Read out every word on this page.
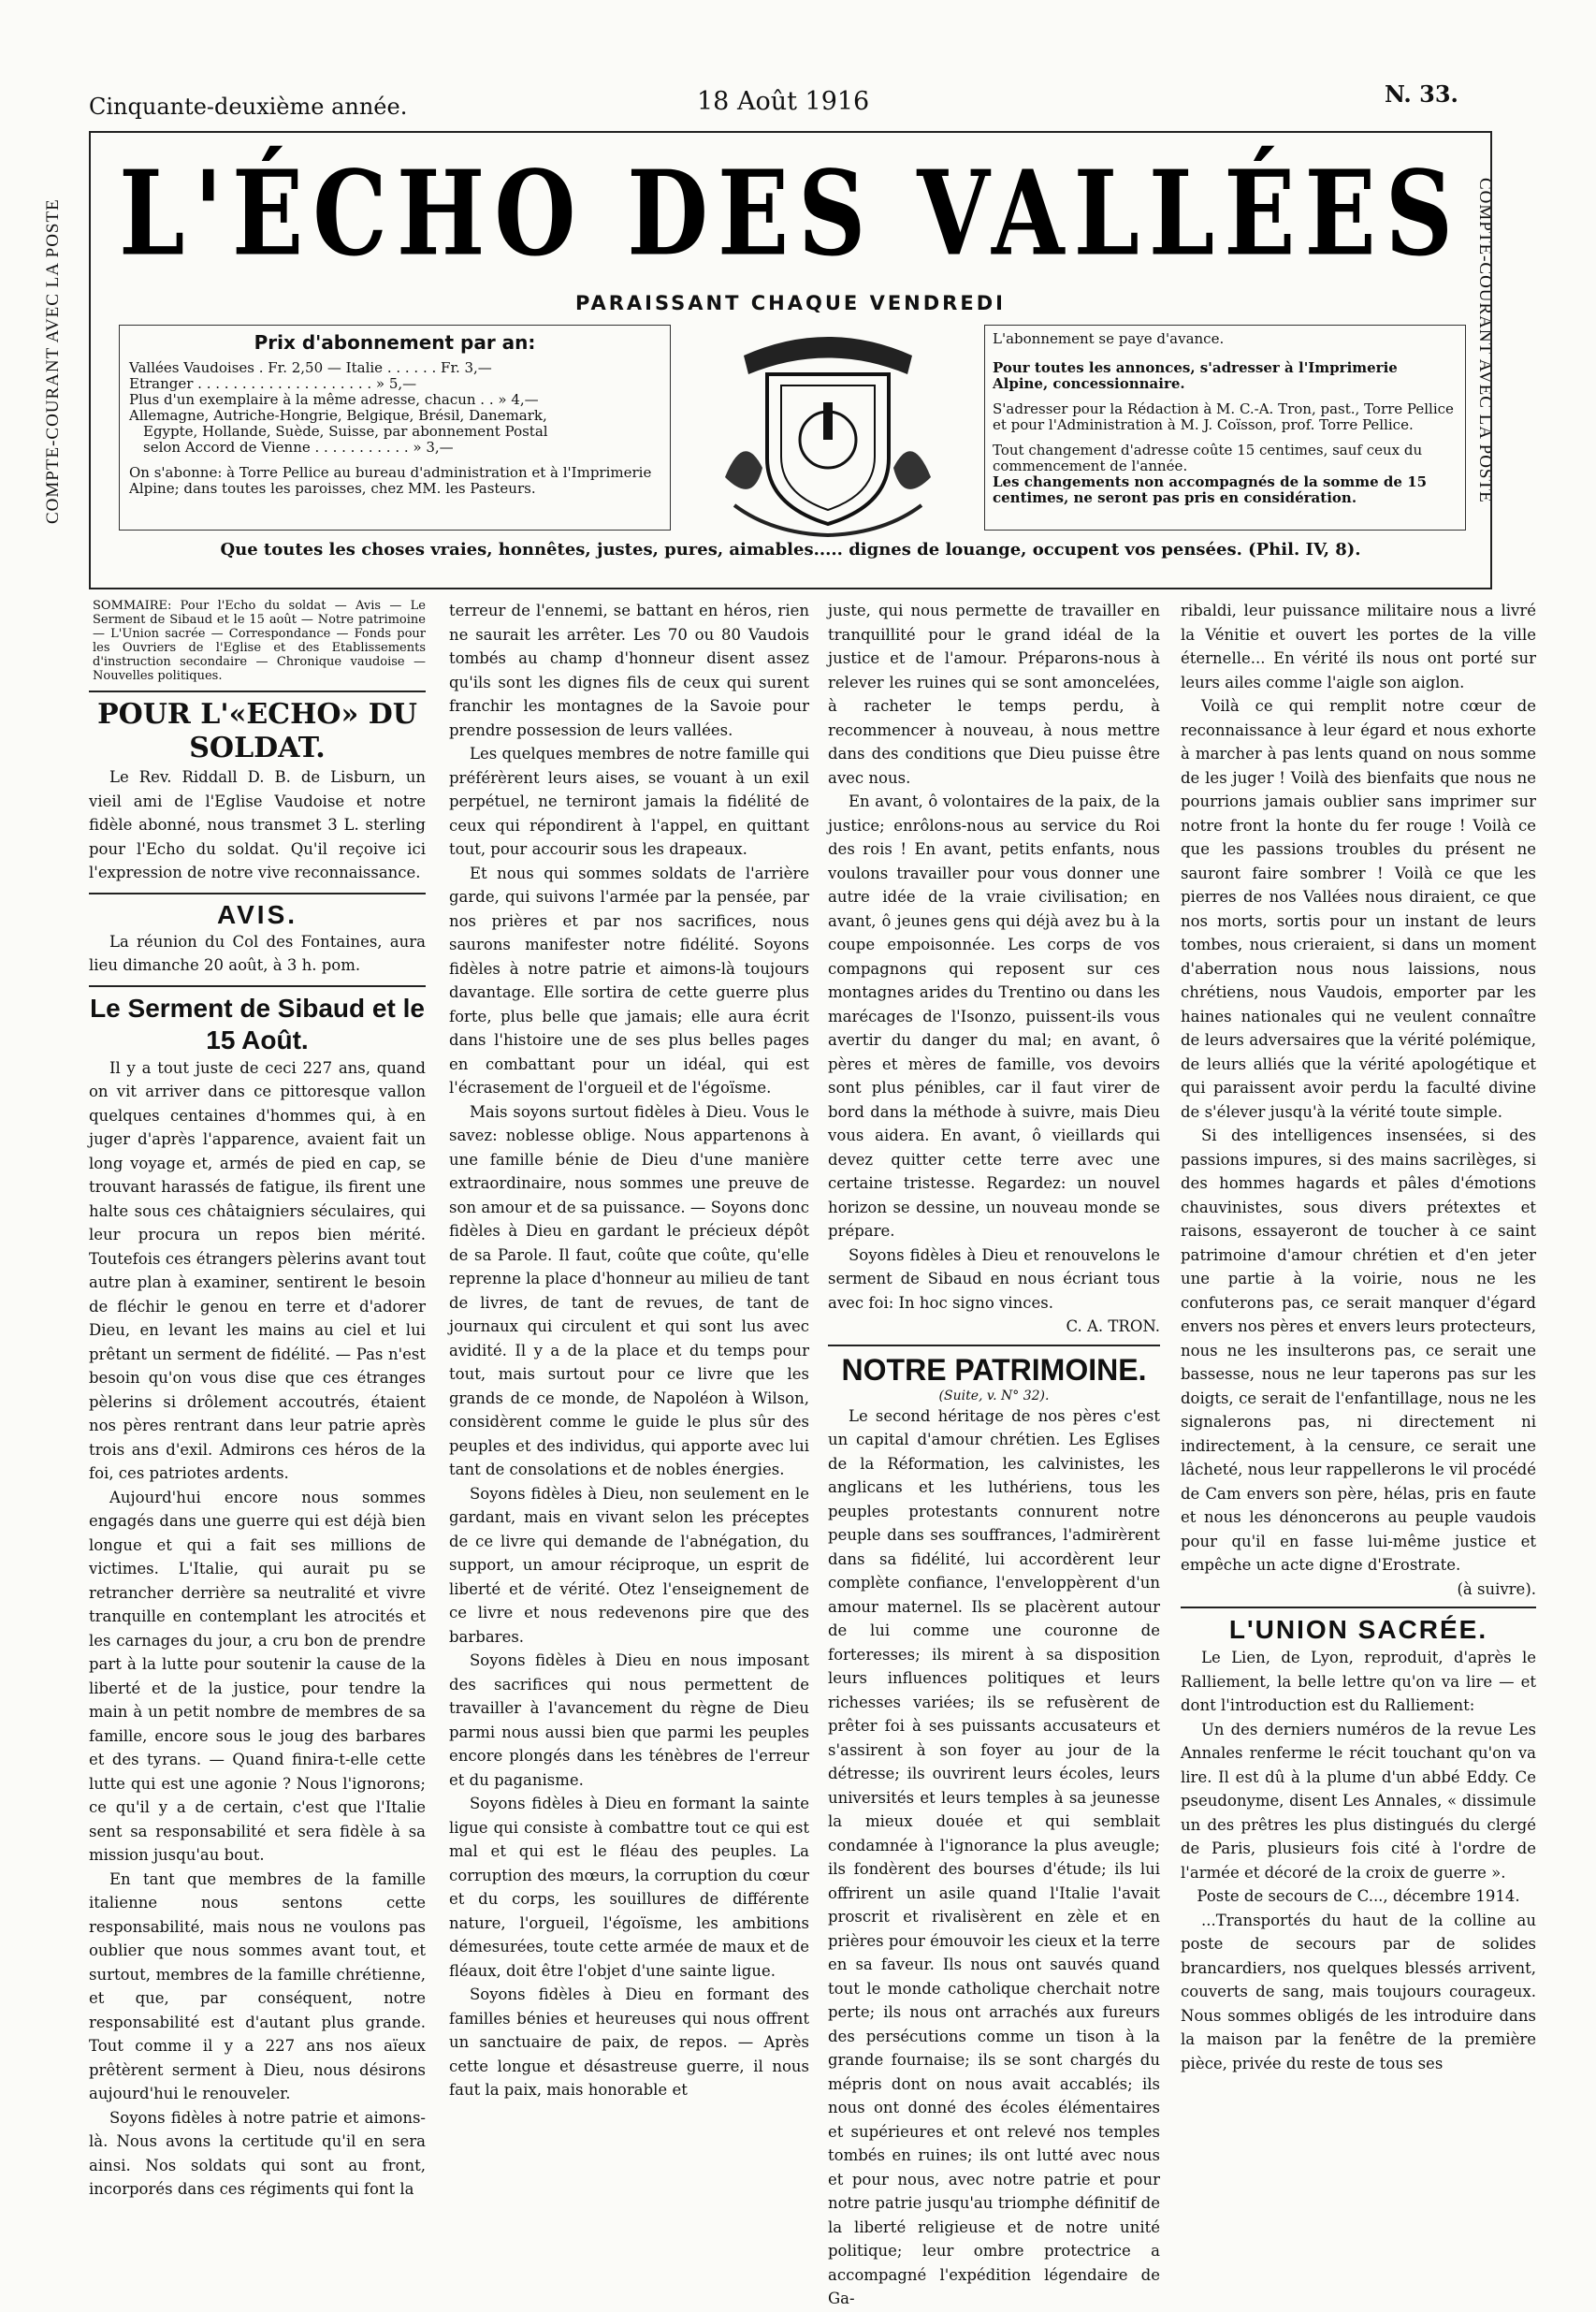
Cinquante-deuxième année.	18 Août 1916	N. 33.
COMPTE-COURANT AVEC LA POSTE	COMPTE-COURANT AVEC LA POSTE
L'ÉCHO DES VALLÉES
PARAISSANT CHAQUE VENDREDI

Prix d'abonnement par an:

Vallées Vaudoises . Fr. 2,50 — Italie . . . . . . Fr. 3,—

Etranger . . . . . . . . . . . . . . . . . . . . » 5,—

Plus d'un exemplaire à la même adresse, chacun . . » 4,—

Allemagne, Autriche-Hongrie, Belgique, Brésil, Danemark,

Egypte, Hollande, Suède, Suisse, par abonnement Postal

selon Accord de Vienne . . . . . . . . . . . » 3,—

On s'abonne: à Torre Pellice au bureau d'administration et à l'Imprimerie Alpine; dans toutes les paroisses, chez MM. les Pasteurs.

L'abonnement se paye d'avance.

Pour toutes les annonces, s'adresser à l'Imprimerie Alpine, concessionnaire.

S'adresser pour la Rédaction à M. C.-A. Tron, past., Torre Pellice et pour l'Administration à M. J. Coïsson, prof. Torre Pellice.

Tout changement d'adresse coûte 15 centimes, sauf ceux du commencement de l'année.

Les changements non accompagnés de la somme de 15 centimes, ne seront pas pris en considération.

Que toutes les choses vraies, honnêtes, justes, pures, aimables..... dignes de louange, occupent vos pensées. (Phil. IV, 8).

SOMMAIRE: Pour l'Echo du soldat — Avis — Le Serment de Sibaud et le 15 août — Notre patrimoine — L'Union sacrée — Correspondance — Fonds pour les Ouvriers de l'Eglise et des Etablissements d'instruction secondaire — Chronique vaudoise — Nouvelles politiques.

POUR L'«ECHO» DU SOLDAT.

Le Rev. Riddall D. B. de Lisburn, un vieil ami de l'Eglise Vaudoise et notre fidèle abonné, nous transmet 3 L. sterling pour l'Echo du soldat. Qu'il reçoive ici l'expression de notre vive reconnaissance.

AVIS.

La réunion du Col des Fontaines, aura lieu dimanche 20 août, à 3 h. pom.

Le Serment de Sibaud et le 15 Août.

Il y a tout juste de ceci 227 ans, quand on vit arriver dans ce pittoresque vallon quelques centaines d'hommes qui, à en juger d'après l'apparence, avaient fait un long voyage et, armés de pied en cap, se trouvant harassés de fatigue, ils firent une halte sous ces châtaigniers séculaires, qui leur procura un repos bien mérité. Toutefois ces étrangers pèlerins avant tout autre plan à examiner, sentirent le besoin de fléchir le genou en terre et d'adorer Dieu, en levant les mains au ciel et lui prêtant un serment de fidélité. — Pas n'est besoin qu'on vous dise que ces étranges pèlerins si drôlement accoutrés, étaient nos pères rentrant dans leur patrie après trois ans d'exil. Admirons ces héros de la foi, ces patriotes ardents.

Aujourd'hui encore nous sommes engagés dans une guerre qui est déjà bien longue et qui a fait ses millions de victimes. L'Italie, qui aurait pu se retrancher derrière sa neutralité et vivre tranquille en contemplant les atrocités et les carnages du jour, a cru bon de prendre part à la lutte pour soutenir la cause de la liberté et de la justice, pour tendre la main à un petit nombre de membres de sa famille, encore sous le joug des barbares et des tyrans. — Quand finira-t-elle cette lutte qui est une agonie ? Nous l'ignorons; ce qu'il y a de certain, c'est que l'Italie sent sa responsabilité et sera fidèle à sa mission jusqu'au bout.

En tant que membres de la famille italienne nous sentons cette responsabilité, mais nous ne voulons pas oublier que nous sommes avant tout, et surtout, membres de la famille chrétienne, et que, par conséquent, notre responsabilité est d'autant plus grande. Tout comme il y a 227 ans nos aïeux prêtèrent serment à Dieu, nous désirons aujourd'hui le renouveler.

Soyons fidèles à notre patrie et aimons-là. Nous avons la certitude qu'il en sera ainsi. Nos soldats qui sont au front, incorporés dans ces régiments qui font la

terreur de l'ennemi, se battant en héros, rien ne saurait les arrêter. Les 70 ou 80 Vaudois tombés au champ d'honneur disent assez qu'ils sont les dignes fils de ceux qui surent franchir les montagnes de la Savoie pour prendre possession de leurs vallées.

Les quelques membres de notre famille qui préférèrent leurs aises, se vouant à un exil perpétuel, ne terniront jamais la fidélité de ceux qui répondirent à l'appel, en quittant tout, pour accourir sous les drapeaux.

Et nous qui sommes soldats de l'arrière garde, qui suivons l'armée par la pensée, par nos prières et par nos sacrifices, nous saurons manifester notre fidélité. Soyons fidèles à notre patrie et aimons-là toujours davantage. Elle sortira de cette guerre plus forte, plus belle que jamais; elle aura écrit dans l'histoire une de ses plus belles pages en combattant pour un idéal, qui est l'écrasement de l'orgueil et de l'égoïsme.

Mais soyons surtout fidèles à Dieu. Vous le savez: noblesse oblige. Nous appartenons à une famille bénie de Dieu d'une manière extraordinaire, nous sommes une preuve de son amour et de sa puissance. — Soyons donc fidèles à Dieu en gardant le précieux dépôt de sa Parole. Il faut, coûte que coûte, qu'elle reprenne la place d'honneur au milieu de tant de livres, de tant de revues, de tant de journaux qui circulent et qui sont lus avec avidité. Il y a de la place et du temps pour tout, mais surtout pour ce livre que les grands de ce monde, de Napoléon à Wilson, considèrent comme le guide le plus sûr des peuples et des individus, qui apporte avec lui tant de consolations et de nobles énergies.

Soyons fidèles à Dieu, non seulement en le gardant, mais en vivant selon les préceptes de ce livre qui demande de l'abnégation, du support, un amour réciproque, un esprit de liberté et de vérité. Otez l'enseignement de ce livre et nous redevenons pire que des barbares.

Soyons fidèles à Dieu en nous imposant des sacrifices qui nous permettent de travailler à l'avancement du règne de Dieu parmi nous aussi bien que parmi les peuples encore plongés dans les ténèbres de l'erreur et du paganisme.

Soyons fidèles à Dieu en formant la sainte ligue qui consiste à combattre tout ce qui est mal et qui est le fléau des peuples. La corruption des mœurs, la corruption du cœur et du corps, les souillures de différente nature, l'orgueil, l'égoïsme, les ambitions démesurées, toute cette armée de maux et de fléaux, doit être l'objet d'une sainte ligue.

Soyons fidèles à Dieu en formant des familles bénies et heureuses qui nous offrent un sanctuaire de paix, de repos. — Après cette longue et désastreuse guerre, il nous faut la paix, mais honorable et

juste, qui nous permette de travailler en tranquillité pour le grand idéal de la justice et de l'amour. Préparons-nous à relever les ruines qui se sont amoncelées, à racheter le temps perdu, à recommencer à nouveau, à nous mettre dans des conditions que Dieu puisse être avec nous.

En avant, ô volontaires de la paix, de la justice; enrôlons-nous au service du Roi des rois ! En avant, petits enfants, nous voulons travailler pour vous donner une autre idée de la vraie civilisation; en avant, ô jeunes gens qui déjà avez bu à la coupe empoisonnée. Les corps de vos compagnons qui reposent sur ces montagnes arides du Trentino ou dans les marécages de l'Isonzo, puissent-ils vous avertir du danger du mal; en avant, ô pères et mères de famille, vos devoirs sont plus pénibles, car il faut virer de bord dans la méthode à suivre, mais Dieu vous aidera. En avant, ô vieillards qui devez quitter cette terre avec une certaine tristesse. Regardez: un nouvel horizon se dessine, un nouveau monde se prépare.

Soyons fidèles à Dieu et renouvelons le serment de Sibaud en nous écriant tous avec foi: In hoc signo vinces.

C. A. TRON.

NOTRE PATRIMOINE.

(Suite, v. N° 32).

Le second héritage de nos pères c'est un capital d'amour chrétien. Les Eglises de la Réformation, les calvinistes, les anglicans et les luthériens, tous les peuples protestants connurent notre peuple dans ses souffrances, l'admirèrent dans sa fidélité, lui accordèrent leur complète confiance, l'enveloppèrent d'un amour maternel. Ils se placèrent autour de lui comme une couronne de forteresses; ils mirent à sa disposition leurs influences politiques et leurs richesses variées; ils se refusèrent de prêter foi à ses puissants accusateurs et s'assirent à son foyer au jour de la détresse; ils ouvrirent leurs écoles, leurs universités et leurs temples à sa jeunesse la mieux douée et qui semblait condamnée à l'ignorance la plus aveugle; ils fondèrent des bourses d'étude; ils lui offrirent un asile quand l'Italie l'avait proscrit et rivalisèrent en zèle et en prières pour émouvoir les cieux et la terre en sa faveur. Ils nous ont sauvés quand tout le monde catholique cherchait notre perte; ils nous ont arrachés aux fureurs des persécutions comme un tison à la grande fournaise; ils se sont chargés du mépris dont on nous avait accablés; ils nous ont donné des écoles élémentaires et supérieures et ont relevé nos temples tombés en ruines; ils ont lutté avec nous et pour nous, avec notre patrie et pour notre patrie jusqu'au triomphe définitif de la liberté religieuse et de notre unité politique; leur ombre protectrice a accompagné l'expédition légendaire de Ga-

ribaldi, leur puissance militaire nous a livré la Vénitie et ouvert les portes de la ville éternelle... En vérité ils nous ont porté sur leurs ailes comme l'aigle son aiglon.

Voilà ce qui remplit notre cœur de reconnaissance à leur égard et nous exhorte à marcher à pas lents quand on nous somme de les juger ! Voilà des bienfaits que nous ne pourrions jamais oublier sans imprimer sur notre front la honte du fer rouge ! Voilà ce que les passions troubles du présent ne sauront faire sombrer ! Voilà ce que les pierres de nos Vallées nous diraient, ce que nos morts, sortis pour un instant de leurs tombes, nous crieraient, si dans un moment d'aberration nous nous laissions, nous chrétiens, nous Vaudois, emporter par les haines nationales qui ne veulent connaître de leurs adversaires que la vérité polémique, de leurs alliés que la vérité apologétique et qui paraissent avoir perdu la faculté divine de s'élever jusqu'à la vérité toute simple.

Si des intelligences insensées, si des passions impures, si des mains sacrilèges, si des hommes hagards et pâles d'émotions chauvinistes, sous divers prétextes et raisons, essayeront de toucher à ce saint patrimoine d'amour chrétien et d'en jeter une partie à la voirie, nous ne les confuterons pas, ce serait manquer d'égard envers nos pères et envers leurs protecteurs, nous ne les insulterons pas, ce serait une bassesse, nous ne leur taperons pas sur les doigts, ce serait de l'enfantillage, nous ne les signalerons pas, ni directement ni indirectement, à la censure, ce serait une lâcheté, nous leur rappellerons le vil procédé de Cam envers son père, hélas, pris en faute et nous les dénoncerons au peuple vaudois pour qu'il en fasse lui-même justice et empêche un acte digne d'Erostrate.

(à suivre).

L'UNION SACRÉE.

Le Lien, de Lyon, reproduit, d'après le Ralliement, la belle lettre qu'on va lire — et dont l'introduction est du Ralliement:

Un des derniers numéros de la revue Les Annales renferme le récit touchant qu'on va lire. Il est dû à la plume d'un abbé Eddy. Ce pseudonyme, disent Les Annales, « dissimule un des prêtres les plus distingués du clergé de Paris, plusieurs fois cité à l'ordre de l'armée et décoré de la croix de guerre ».

Poste de secours de C..., décembre 1914.

...Transportés du haut de la colline au poste de secours par de solides brancardiers, nos quelques blessés arrivent, couverts de sang, mais toujours courageux. Nous sommes obligés de les introduire dans la maison par la fenêtre de la première pièce, privée du reste de tous ses
